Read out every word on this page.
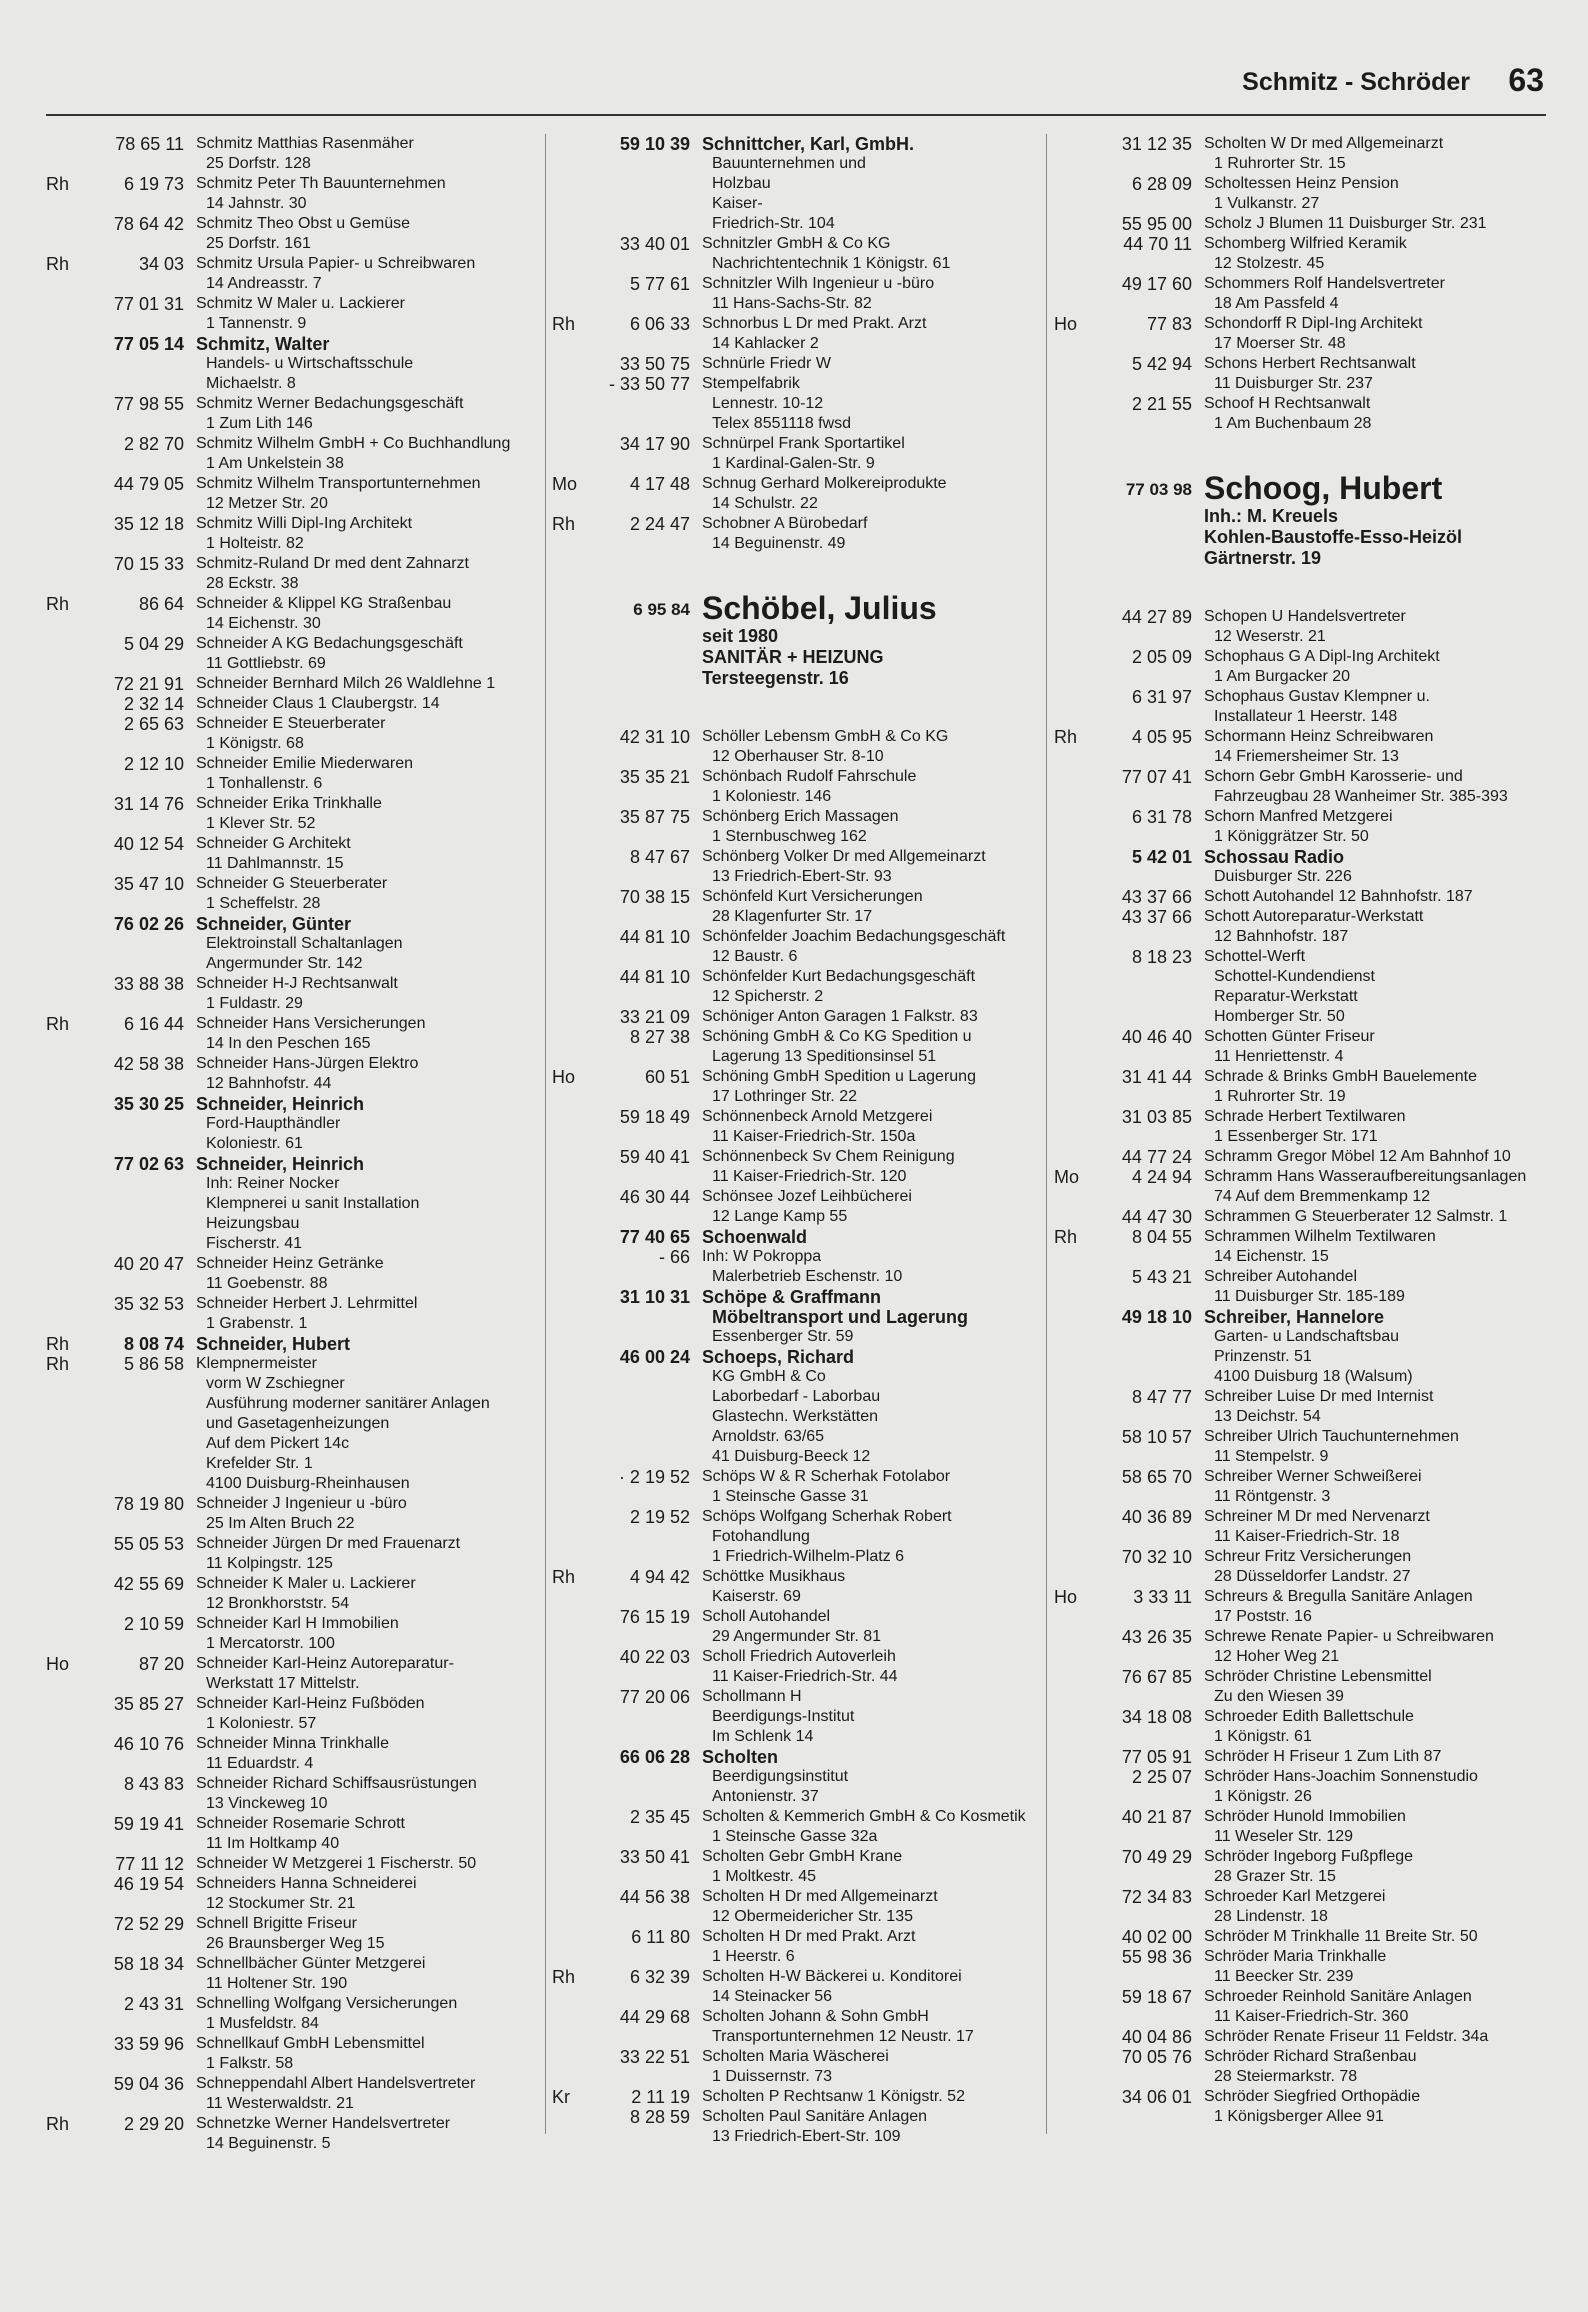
Schmitz - Schröder 63
78 65 11 Schmitz Matthias Rasenmäher
25 Dorfstr. 128
Rh	6 19 73 Schmitz Peter Th Bauunternehmen
14 Jahnstr. 30
78 64 42 Schmitz Theo Obst u Gemüse
25 Dorfstr. 161
Rh	34 03 Schmitz Ursula Papier- u Schreibwaren
14 Andreasstr. 7
77 01 31 Schmitz W Maler u. Lackierer
1 Tannenstr. 9
77 05 14 Schmitz, Walter
Handels- u Wirtschaftsschule
Michaelstr. 8
77 98 55 Schmitz Werner Bedachungsgeschäft
1 Zum Lith 146
2 82 70 Schmitz Wilhelm GmbH + Co Buchhandlung
1 Am Unkelstein 38
44 79 05 Schmitz Wilhelm Transportunternehmen
12 Metzer Str. 20
35 12 18 Schmitz Willi Dipl-Ing Architekt
1 Holteistr. 82
70 15 33 Schmitz-Ruland Dr med dent Zahnarzt
28 Eckstr. 38
Rh	86 64 Schneider & Klippel KG Straßenbau
14 Eichenstr. 30
5 04 29 Schneider A KG Bedachungsgeschäft
11 Gottliebstr. 69
72 21 91 Schneider Bernhard Milch 26 Waldlehne 1
2 32 14 Schneider Claus 1 Claubergstr. 14
2 65 63 Schneider E Steuerberater
1 Königstr. 68
2 12 10 Schneider Emilie Miederwaren
1 Tonhallenstr. 6
31 14 76 Schneider Erika Trinkhalle
1 Klever Str. 52
40 12 54 Schneider G Architekt
11 Dahlmannstr. 15
35 47 10 Schneider G Steuerberater
1 Scheffelstr. 28
76 02 26 Schneider, Günter
Elektroinstall Schaltanlagen
Angermunder Str. 142
33 88 38 Schneider H-J Rechtsanwalt
1 Fuldastr. 29
Rh	6 16 44 Schneider Hans Versicherungen
14 In den Peschen 165
42 58 38 Schneider Hans-Jürgen Elektro
12 Bahnhofstr. 44
35 30 25 Schneider, Heinrich
Ford-Haupthändler
Koloniestr. 61
77 02 63 Schneider, Heinrich
Inh: Reiner Nocker
Klempnerei u sanit Installation
Heizungsbau
Fischerstr. 41
40 20 47 Schneider Heinz Getränke
11 Goebenstr. 88
35 32 53 Schneider Herbert J. Lehrmittel
1 Grabenstr. 1
Rh	8 08 74 Schneider, Hubert
Rh	5 86 58 Klempnermeister
vorm W Zschiegner
Ausführung moderner sanitärer Anlagen
und Gasetagenheizungen
Auf dem Pickert 14c
Krefelder Str. 1
4100 Duisburg-Rheinhausen
78 19 80 Schneider J Ingenieur u -büro
25 Im Alten Bruch 22
55 05 53 Schneider Jürgen Dr med Frauenarzt
11 Kolpingstr. 125
42 55 69 Schneider K Maler u. Lackierer
12 Bronkhorststr. 54
2 10 59 Schneider Karl H Immobilien
1 Mercatorstr. 100
Ho	87 20 Schneider Karl-Heinz Autoreparatur-
Werkstatt 17 Mittelstr.
35 85 27 Schneider Karl-Heinz Fußböden
1 Koloniestr. 57
46 10 76 Schneider Minna Trinkhalle
11 Eduardstr. 4
8 43 83 Schneider Richard Schiffsausrüstungen
13 Vinckeweg 10
59 19 41 Schneider Rosemarie Schrott
11 Im Holtkamp 40
77 11 12 Schneider W Metzgerei 1 Fischerstr. 50
46 19 54 Schneiders Hanna Schneiderei
12 Stockumer Str. 21
72 52 29 Schnell Brigitte Friseur
26 Braunsberger Weg 15
58 18 34 Schnellbächer Günter Metzgerei
11 Holtener Str. 190
2 43 31 Schnelling Wolfgang Versicherungen
1 Musfeldstr. 84
33 59 96 Schnellkauf GmbH Lebensmittel
1 Falkstr. 58
59 04 36 Schneppendahl Albert Handelsvertreter
11 Westerwaldstr. 21
Rh	2 29 20 Schnetzke Werner Handelsvertreter
14 Beguinenstr. 5
59 10 39 Schnittcher, Karl, GmbH.
Bauunternehmen und
Holzbau
Kaiser-
Friedrich-Str. 104
33 40 01 Schnitzler GmbH & Co KG
Nachrichtentechnik 1 Königstr. 61
5 77 61 Schnitzler Wilh Ingenieur u -büro
11 Hans-Sachs-Str. 82
Rh	6 06 33 Schnorbus L Dr med Prakt. Arzt
14 Kahlacker 2
33 50 75 Schnürle Friedr W
- 33 50 77 Stempelfabrik
Lennestr. 10-12
Telex 8551118 fwsd
34 17 90 Schnürpel Frank Sportartikel
1 Kardinal-Galen-Str. 9
Mo	4 17 48 Schnug Gerhard Molkereiprodukte
14 Schulstr. 22
Rh	2 24 47 Schobner A Bürobedarf
14 Beguinenstr. 49
6 95 84 Schöbel, Julius
seit 1980
SANITÄR + HEIZUNG
Tersteegenstr. 16
42 31 10 Schöller Lebensm GmbH & Co KG
12 Oberhauser Str. 8-10
35 35 21 Schönbach Rudolf Fahrschule
1 Koloniestr. 146
35 87 75 Schönberg Erich Massagen
1 Sternbuschweg 162
8 47 67 Schönberg Volker Dr med Allgemeinarzt
13 Friedrich-Ebert-Str. 93
70 38 15 Schönfeld Kurt Versicherungen
28 Klagenfurter Str. 17
44 81 10 Schönfelder Joachim Bedachungsgeschäft
12 Baustr. 6
44 81 10 Schönfelder Kurt Bedachungsgeschäft
12 Spicherstr. 2
33 21 09 Schöniger Anton Garagen 1 Falkstr. 83
8 27 38 Schöning GmbH & Co KG Spedition u
Lagerung 13 Speditionsinsel 51
Ho	60 51 Schöning GmbH Spedition u Lagerung
17 Lothringer Str. 22
59 18 49 Schönnenbeck Arnold Metzgerei
11 Kaiser-Friedrich-Str. 150a
59 40 41 Schönnenbeck Sv Chem Reinigung
11 Kaiser-Friedrich-Str. 120
46 30 44 Schönsee Jozef Leihbücherei
12 Lange Kamp 55
77 40 65 Schoenwald
- 66 Inh: W Pokroppa
Malerbetrieb Eschenstr. 10
31 10 31 Schöpe & Graffmann
Möbeltransport und Lagerung
Essenberger Str. 59
46 00 24 Schoeps, Richard
KG GmbH & Co
Laborbedarf - Laborbau
Glastechn. Werkstätten
Arnoldstr. 63/65
41 Duisburg-Beeck 12
· 2 19 52 Schöps W & R Scherhak Fotolabor
1 Steinsche Gasse 31
2 19 52 Schöps Wolfgang Scherhak Robert
Fotohandlung
1 Friedrich-Wilhelm-Platz 6
Rh	4 94 42 Schöttke Musikhaus
Kaiserstr. 69
76 15 19 Scholl Autohandel
29 Angermunder Str. 81
40 22 03 Scholl Friedrich Autoverleih
11 Kaiser-Friedrich-Str. 44
77 20 06 Schollmann H
Beerdigungs-Institut
Im Schlenk 14
66 06 28 Scholten
Beerdigungsinstitut
Antonienstr. 37
2 35 45 Scholten & Kemmerich GmbH & Co Kosmetik
1 Steinsche Gasse 32a
33 50 41 Scholten Gebr GmbH Krane
1 Moltkestr. 45
44 56 38 Scholten H Dr med Allgemeinarzt
12 Obermeidericher Str. 135
6 11 80 Scholten H Dr med Prakt. Arzt
1 Heerstr. 6
Rh	6 32 39 Scholten H-W Bäckerei u. Konditorei
14 Steinacker 56
44 29 68 Scholten Johann & Sohn GmbH
Transportunternehmen 12 Neustr. 17
33 22 51 Scholten Maria Wäscherei
1 Duissernstr. 73
Kr	2 11 19 Scholten P Rechtsanw 1 Königstr. 52
8 28 59 Scholten Paul Sanitäre Anlagen
13 Friedrich-Ebert-Str. 109
31 12 35 Scholten W Dr med Allgemeinarzt
1 Ruhrorter Str. 15
6 28 09 Scholtessen Heinz Pension
1 Vulkanstr. 27
55 95 00 Scholz J Blumen 11 Duisburger Str. 231
44 70 11 Schomberg Wilfried Keramik
12 Stolzestr. 45
49 17 60 Schommers Rolf Handelsvertreter
18 Am Passfeld 4
Ho	77 83 Schondorff R Dipl-Ing Architekt
17 Moerser Str. 48
5 42 94 Schons Herbert Rechtsanwalt
11 Duisburger Str. 237
2 21 55 Schoof H Rechtsanwalt
1 Am Buchenbaum 28
77 03 98 Schoog, Hubert
Inh.: M. Kreuels
Kohlen-Baustoffe-Esso-Heizöl
Gärtnerstr. 19
44 27 89 Schopen U Handelsvertreter
12 Weserstr. 21
2 05 09 Schophaus G A Dipl-Ing Architekt
1 Am Burgacker 20
6 31 97 Schophaus Gustav Klempner u.
Installateur 1 Heerstr. 148
Rh	4 05 95 Schormann Heinz Schreibwaren
14 Friemersheimer Str. 13
77 07 41 Schorn Gebr GmbH Karosserie- und
Fahrzeugbau 28 Wanheimer Str. 385-393
6 31 78 Schorn Manfred Metzgerei
1 Königgrätzer Str. 50
5 42 01 Schossau Radio
Duisburger Str. 226
43 37 66 Schott Autohandel 12 Bahnhofstr. 187
43 37 66 Schott Autoreparatur-Werkstatt
12 Bahnhofstr. 187
8 18 23 Schottel-Werft
Schottel-Kundendienst
Reparatur-Werkstatt
Homberger Str. 50
40 46 40 Schotten Günter Friseur
11 Henriettenstr. 4
31 41 44 Schrade & Brinks GmbH Bauelemente
1 Ruhrorter Str. 19
31 03 85 Schrade Herbert Textilwaren
1 Essenberger Str. 171
44 77 24 Schramm Gregor Möbel 12 Am Bahnhof 10
Mo	4 24 94 Schramm Hans Wasseraufbereitungsanlagen
74 Auf dem Bremmenkamp 12
44 47 30 Schrammen G Steuerberater 12 Salmstr. 1
Rh	8 04 55 Schrammen Wilhelm Textilwaren
14 Eichenstr. 15
5 43 21 Schreiber Autohandel
11 Duisburger Str. 185-189
49 18 10 Schreiber, Hannelore
Garten- u Landschaftsbau
Prinzenstr. 51
4100 Duisburg 18 (Walsum)
8 47 77 Schreiber Luise Dr med Internist
13 Deichstr. 54
58 10 57 Schreiber Ulrich Tauchunternehmen
11 Stempelstr. 9
58 65 70 Schreiber Werner Schweißerei
11 Röntgenstr. 3
40 36 89 Schreiner M Dr med Nervenarzt
11 Kaiser-Friedrich-Str. 18
70 32 10 Schreur Fritz Versicherungen
28 Düsseldorfer Landstr. 27
Ho	3 33 11 Schreurs & Bregulla Sanitäre Anlagen
17 Poststr. 16
43 26 35 Schrewe Renate Papier- u Schreibwaren
12 Hoher Weg 21
76 67 85 Schröder Christine Lebensmittel
Zu den Wiesen 39
34 18 08 Schroeder Edith Ballettschule
1 Königstr. 61
77 05 91 Schröder H Friseur 1 Zum Lith 87
2 25 07 Schröder Hans-Joachim Sonnenstudio
1 Königstr. 26
40 21 87 Schröder Hunold Immobilien
11 Weseler Str. 129
70 49 29 Schröder Ingeborg Fußpflege
28 Grazer Str. 15
72 34 83 Schroeder Karl Metzgerei
28 Lindenstr. 18
40 02 00 Schröder M Trinkhalle 11 Breite Str. 50
55 98 36 Schröder Maria Trinkhalle
11 Beecker Str. 239
59 18 67 Schroeder Reinhold Sanitäre Anlagen
11 Kaiser-Friedrich-Str. 360
40 04 86 Schröder Renate Friseur 11 Feldstr. 34a
70 05 76 Schröder Richard Straßenbau
28 Steiermarkstr. 78
34 06 01 Schröder Siegfried Orthopädie
1 Königsberger Allee 91
